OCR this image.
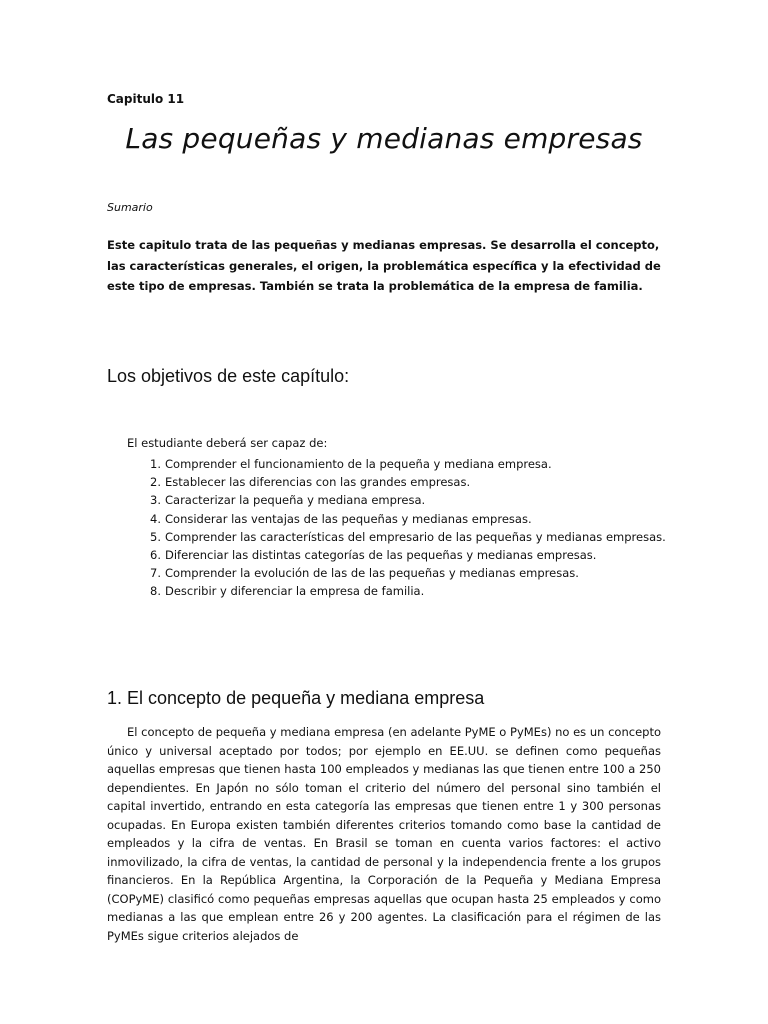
Capitulo 11
Las pequeñas y medianas empresas
Sumario
Este capitulo trata de las pequeñas y medianas empresas. Se desarrolla el concepto, las características generales, el origen, la problemática específica y la efectividad de este tipo de empresas. También se trata la problemática de la empresa de familia.
Los objetivos de este capítulo:
El estudiante deberá ser capaz de:
1. Comprender el funcionamiento de la pequeña y mediana empresa.
2. Establecer las diferencias con las grandes empresas.
3. Caracterizar la pequeña y mediana empresa.
4. Considerar las ventajas de las pequeñas y medianas empresas.
5. Comprender las características del empresario de las pequeñas y medianas empresas.
6. Diferenciar las distintas categorías de las pequeñas y medianas empresas.
7. Comprender la evolución de las de las pequeñas y medianas empresas.
8. Describir y diferenciar la empresa de familia.
1. El concepto de pequeña y mediana empresa

El concepto de pequeña y mediana empresa (en adelante PyME o PyMEs) no es un concepto único y universal aceptado por todos; por ejemplo en EE.UU. se definen como pequeñas aquellas empresas que tienen hasta 100 empleados y medianas las que tienen entre 100 a 250 dependientes. En Japón no sólo toman el criterio del número del personal sino también el capital invertido, entrando en esta categoría las empresas que tienen entre 1 y 300 personas ocupadas. En Europa existen también diferentes criterios tomando como base la cantidad de empleados y la cifra de ventas. En Brasil se toman en cuenta varios factores: el activo inmovilizado, la cifra de ventas, la cantidad de personal y la independencia frente a los grupos financieros. En la República Argentina, la Corporación de la Pequeña y Mediana Empresa (COPyME) clasificó como pequeñas empresas aquellas que ocupan hasta 25 empleados y como medianas a las que emplean entre 26 y 200 agentes. La clasificación para el régimen de las PyMEs sigue criterios alejados de
